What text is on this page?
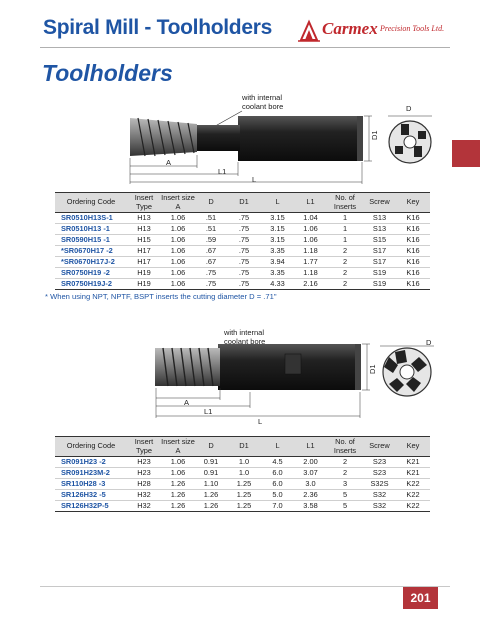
Spiral Mill - Toolholders	Carmex Precision Tools Ltd.
Toolholders
with internal
coolant bore	D
D1
A
L1
L
with internal
coolant bore	D
D1
A
L1
L
Ordering Code	Insert Type	Insert size A	D	D1	L	L1	No. of Inserts	Screw	Key
SR0510H13S-1	H13	1.06	.51	.75	3.15	1.04	1	S13	K16
SR0510H13 -1	H13	1.06	.51	.75	3.15	1.06	1	S13	K16
SR0590H15 -1	H15	1.06	.59	.75	3.15	1.06	1	S15	K16
*SR0670H17 -2	H17	1.06	.67	.75	3.35	1.18	2	S17	K16
*SR0670H17J-2	H17	1.06	.67	.75	3.94	1.77	2	S17	K16
SR0750H19 -2	H19	1.06	.75	.75	3.35	1.18	2	S19	K16
SR0750H19J-2	H19	1.06	.75	.75	4.33	2.16	2	S19	K16
* When using NPT, NPTF, BSPT inserts the cutting diameter D = .71"
Ordering Code	Insert Type	Insert size A	D	D1	L	L1	No. of Inserts	Screw	Key
SR091H23 -2	H23	1.06	0.91	1.0	4.5	2.00	2	S23	K21
SR091H23M-2	H23	1.06	0.91	1.0	6.0	3.07	2	S23	K21
SR110H28 -3	H28	1.26	1.10	1.25	6.0	3.0	3	S32S	K22
SR126H32 -5	H32	1.26	1.26	1.25	5.0	2.36	5	S32	K22
SR126H32P-5	H32	1.26	1.26	1.25	7.0	3.58	5	S32	K22
201
